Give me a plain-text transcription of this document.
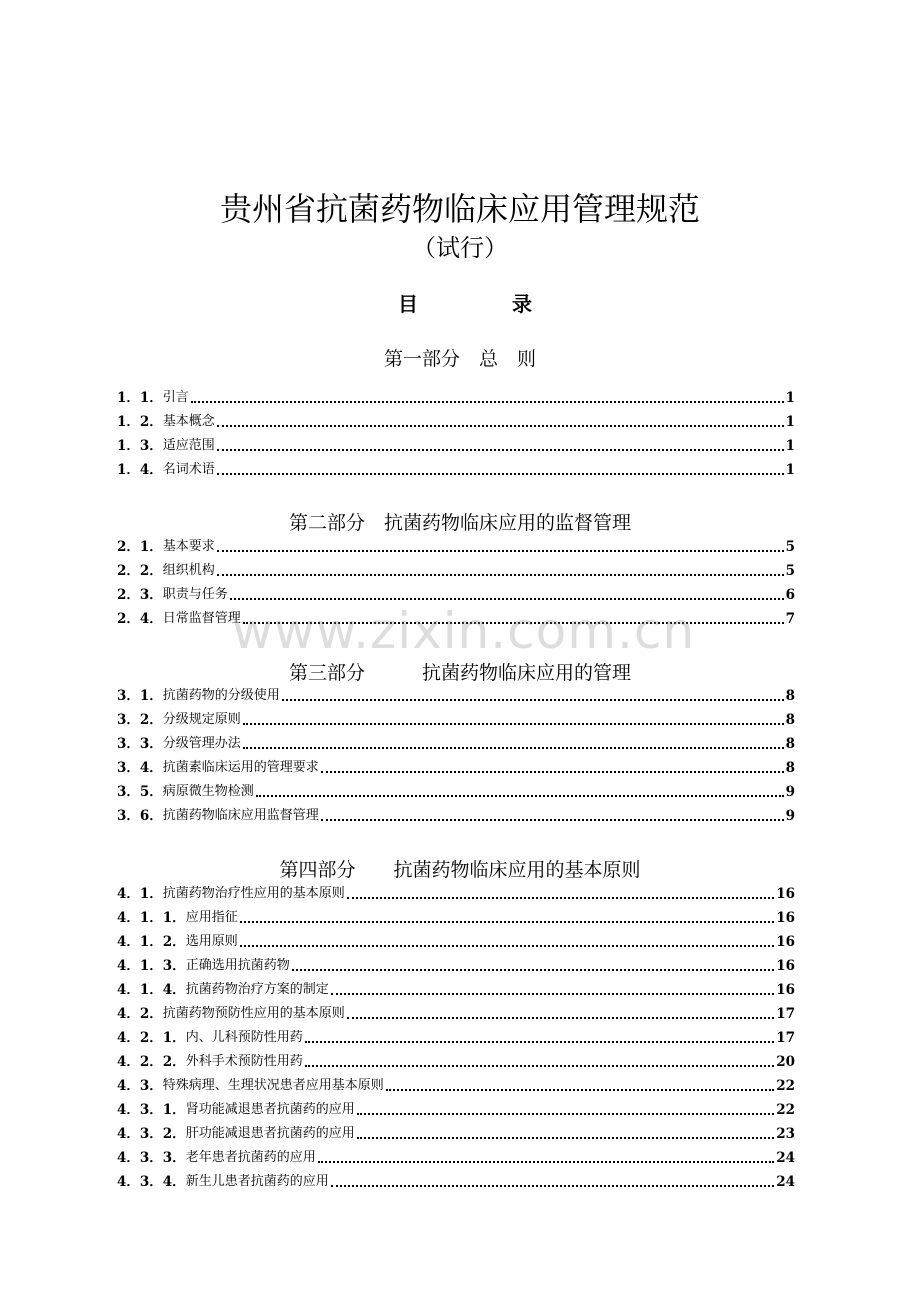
贵州省抗菌药物临床应用管理规范
（试行）
目	录
第一部分　总　则
1．1． 引言	1
1．2． 基本概念	1
1．3． 适应范围	1
1．4． 名词术语	1
第二部分　抗菌药物临床应用的监督管理
2．1． 基本要求	5
2．2． 组织机构	5
2．3． 职责与任务	6
2．4． 日常监督管理	7
第三部分　　　抗菌药物临床应用的管理
3．1． 抗菌药物的分级使用	8
3．2． 分级规定原则	8
3．3． 分级管理办法	8
3．4． 抗菌素临床运用的管理要求	8
3．5． 病原微生物检测	9
3．6． 抗菌药物临床应用监督管理	9
第四部分　　抗菌药物临床应用的基本原则
4．1． 抗菌药物治疗性应用的基本原则	16
4．1．1． 应用指征	16
4．1．2． 选用原则	16
4．1．3． 正确选用抗菌药物	16
4．1．4． 抗菌药物治疗方案的制定	16
4．2． 抗菌药物预防性应用的基本原则	17
4．2．1． 内、儿科预防性用药	17
4．2．2． 外科手术预防性用药	20
4．3． 特殊病理、生理状况患者应用基本原则	22
4．3．1． 肾功能减退患者抗菌药的应用	22
4．3．2． 肝功能减退患者抗菌药的应用	23
4．3．3． 老年患者抗菌药的应用	24
4．3．4． 新生儿患者抗菌药的应用	24
www.zixin.com.cn
